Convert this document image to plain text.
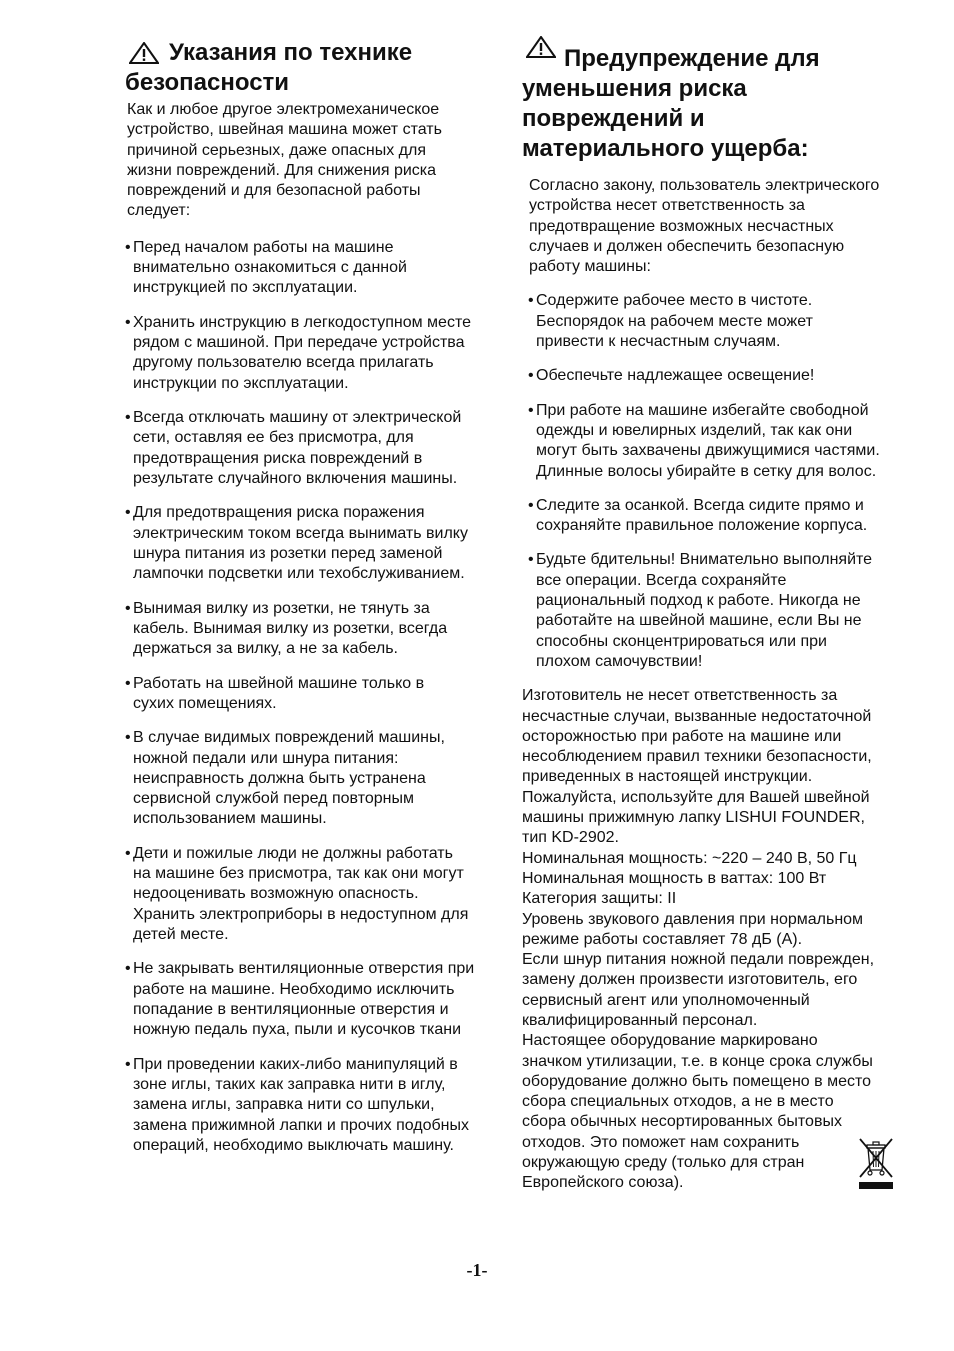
Указания по технике
безопасности

Как и любое другое электромеханическое
устройство, швейная машина может стать
причиной серьезных, даже опасных для
жизни повреждений. Для снижения риска
повреждений и для безопасной работы
следует:

• Перед началом работы на машине
внимательно ознакомиться с данной
инструкцией по эксплуатации.
• Хранить инструкцию в легкодоступном месте
рядом с машиной. При передаче устройства
другому пользователю всегда прилагать
инструкции по эксплуатации.
• Всегда отключать машину от электрической
сети, оставляя ее без присмотра, для
предотвращения риска повреждений в
результате случайного включения машины.
• Для предотвращения риска поражения
электрическим током всегда вынимать вилку
шнура питания из розетки перед заменой
лампочки подсветки или техобслуживанием.
• Вынимая вилку из розетки, не тянуть за
кабель. Вынимая вилку из розетки, всегда
держаться за вилку, а не за кабель.
• Работать на швейной машине только в
сухих помещениях.
• В случае видимых повреждений машины,
ножной педали или шнура питания:
неисправность должна быть устранена
сервисной службой перед повторным
использованием машины.
• Дети и пожилые люди не должны работать
на машине без присмотра, так как они могут
недооценивать возможную опасность.
Хранить электроприборы в недоступном для
детей месте.
• Не закрывать вентиляционные отверстия при
работе на машине. Необходимо исключить
попадание в вентиляционные отверстия и
ножную педаль пуха, пыли и кусочков ткани
• При проведении каких-либо манипуляций в
зоне иглы, таких как заправка нити в иглу,
замена иглы, заправка нити со шпульки,
замена прижимной лапки и прочих подобных
операций, необходимо выключать машину.
Предупреждение для
уменьшения риска
повреждений и
материального ущерба:

Согласно закону, пользователь электрического
устройства несет ответственность за
предотвращение возможных несчастных
случаев и должен обеспечить безопасную
работу машины:

• Содержите рабочее место в чистоте.
Беспорядок на рабочем месте может
привести к несчастным случаям.
• Обеспечьте надлежащее освещение!
• При работе на машине избегайте свободной
одежды и ювелирных изделий, так как они
могут быть захвачены движущимися частями.
Длинные волосы убирайте в сетку для волос.
• Следите за осанкой. Всегда сидите прямо и
сохраняйте правильное положение корпуса.
• Будьте бдительны! Внимательно выполняйте
все операции. Всегда сохраняйте
рациональный подход к работе. Никогда не
работайте на швейной машине, если Вы не
способны сконцентрироваться или при
плохом самочувствии!

Изготовитель не несет ответственность за
несчастные случаи, вызванные недостаточной
осторожностью при работе на машине или
несоблюдением правил техники безопасности,
приведенных в настоящей инструкции.

Пожалуйста, используйте для Вашей швейной
машины прижимную лапку LISHUI FOUNDER,
тип KD-2902.
Номинальная мощность: ~220 – 240 В, 50 Гц
Номинальная мощность в ваттах: 100 Вт
Категория защиты: II

Уровень звукового давления при нормальном
режиме работы составляет 78 дБ (A).

Если шнур питания ножной педали поврежден,
замену должен произвести изготовитель, его
сервисный агент или уполномоченный
квалифицированный персонал.

Настоящее оборудование маркировано
значком утилизации, т.е. в конце срока службы
оборудование должно быть помещено в место
сбора специальных отходов, а не в место
сбора обычных несортированных бытовых
отходов. Это поможет нам сохранить
окружающую среду (только для стран
Европейского союза).

-1-
